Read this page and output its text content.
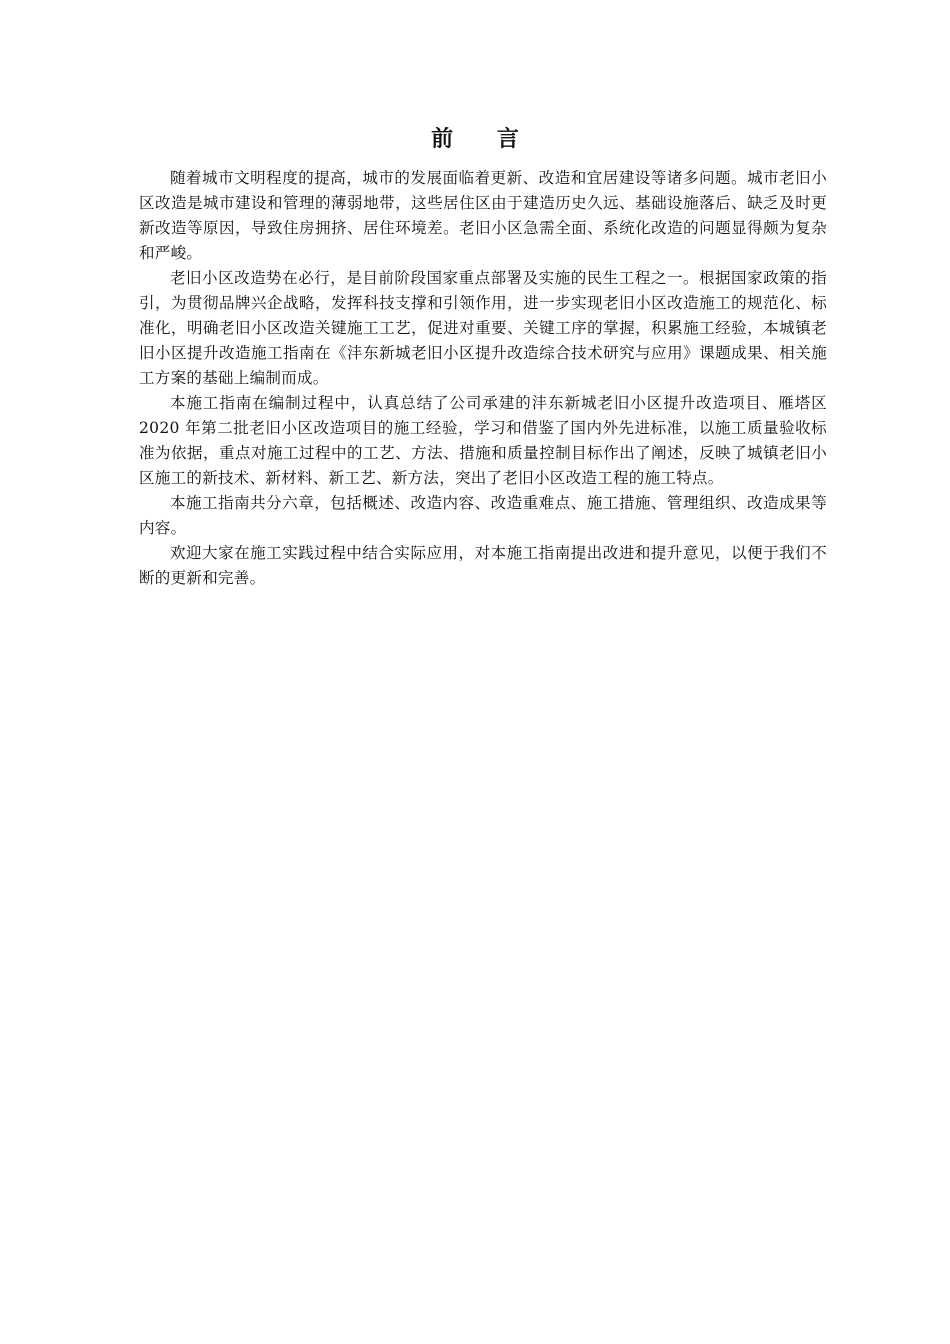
前 言

随着城市文明程度的提高，城市的发展面临着更新、改造和宜居建设等诸多问题。城市老旧小区改造是城市建设和管理的薄弱地带，这些居住区由于建造历史久远、基础设施落后、缺乏及时更新改造等原因，导致住房拥挤、居住环境差。老旧小区急需全面、系统化改造的问题显得颇为复杂和严峻。

老旧小区改造势在必行，是目前阶段国家重点部署及实施的民生工程之一。根据国家政策的指引，为贯彻品牌兴企战略，发挥科技支撑和引领作用，进一步实现老旧小区改造施工的规范化、标准化，明确老旧小区改造关键施工工艺，促进对重要、关键工序的掌握，积累施工经验，本城镇老旧小区提升改造施工指南在《沣东新城老旧小区提升改造综合技术研究与应用》课题成果、相关施工方案的基础上编制而成。

本施工指南在编制过程中，认真总结了公司承建的沣东新城老旧小区提升改造项目、雁塔区 2020 年第二批老旧小区改造项目的施工经验，学习和借鉴了国内外先进标准，以施工质量验收标准为依据，重点对施工过程中的工艺、方法、措施和质量控制目标作出了阐述，反映了城镇老旧小区施工的新技术、新材料、新工艺、新方法，突出了老旧小区改造工程的施工特点。

本施工指南共分六章，包括概述、改造内容、改造重难点、施工措施、管理组织、改造成果等内容。

欢迎大家在施工实践过程中结合实际应用，对本施工指南提出改进和提升意见，以便于我们不断的更新和完善。
